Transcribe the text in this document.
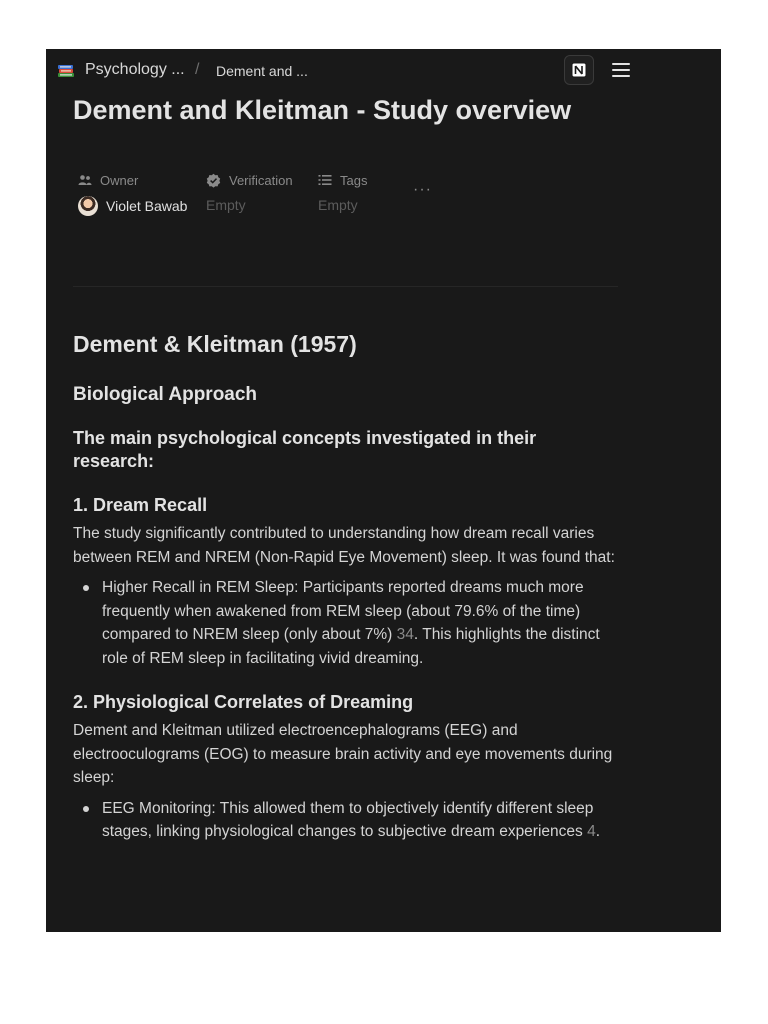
Psychology ... / Dement and ...
Dement and Kleitman - Study overview
Owner
Violet Bawab
Verification
Empty
Tags
Empty
···
Dement & Kleitman (1957)
Biological Approach
The main psychological concepts investigated in their research:
1. Dream Recall

The study significantly contributed to understanding how dream recall varies between REM and NREM (Non-Rapid Eye Movement) sleep. It was found that:

Higher Recall in REM Sleep: Participants reported dreams much more frequently when awakened from REM sleep (about 79.6% of the time) compared to NREM sleep (only about 7%) 34. This highlights the distinct role of REM sleep in facilitating vivid dreaming.
2. Physiological Correlates of Dreaming

Dement and Kleitman utilized electroencephalograms (EEG) and electrooculograms (EOG) to measure brain activity and eye movements during sleep:

EEG Monitoring: This allowed them to objectively identify different sleep stages, linking physiological changes to subjective dream experiences 4.
